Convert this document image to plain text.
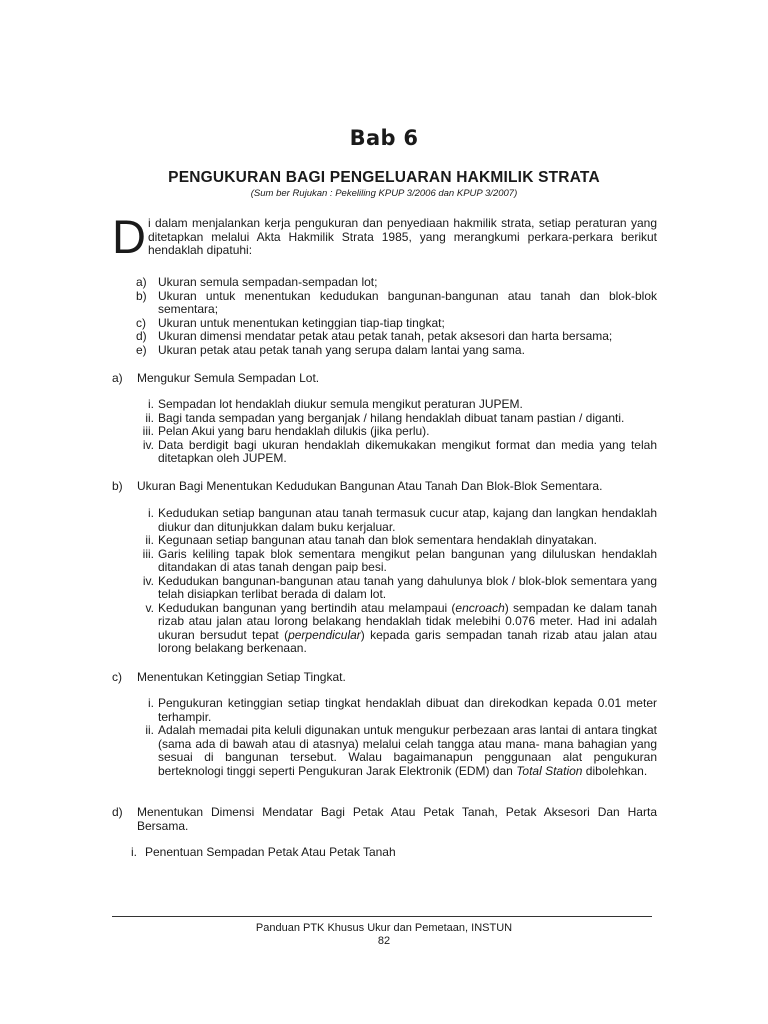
Bab 6
PENGUKURAN BAGI PENGELUARAN HAKMILIK STRATA
(Sum ber Rujukan : Pekeliling KPUP 3/2006 dan KPUP 3/2007)
D i dalam menjalankan kerja pengukuran dan penyediaan hakmilik strata, setiap peraturan yang ditetapkan melalui Akta Hakmilik Strata 1985, yang merangkumi perkara-perkara berikut hendaklah dipatuhi:
a) Ukuran semula sempadan-sempadan lot;
b) Ukuran untuk menentukan kedudukan bangunan-bangunan atau tanah dan blok-blok sementara;
c) Ukuran untuk menentukan ketinggian tiap-tiap tingkat;
d) Ukuran dimensi mendatar petak atau petak tanah, petak aksesori dan harta bersama;
e) Ukuran petak atau petak tanah yang serupa dalam lantai yang sama.
a) Mengukur Semula Sempadan Lot.
i. Sempadan lot hendaklah diukur semula mengikut peraturan JUPEM.
ii. Bagi tanda sempadan yang berganjak / hilang hendaklah dibuat tanam pastian / diganti.
iii. Pelan Akui yang baru hendaklah dilukis (jika perlu).
iv. Data berdigit bagi ukuran hendaklah dikemukakan mengikut format dan media yang telah ditetapkan oleh JUPEM.
b) Ukuran Bagi Menentukan Kedudukan Bangunan Atau Tanah Dan Blok-Blok Sementara.
i. Kedudukan setiap bangunan atau tanah termasuk cucur atap, kajang dan langkan hendaklah diukur dan ditunjukkan dalam buku kerjaluar.
ii. Kegunaan setiap bangunan atau tanah dan blok sementara hendaklah dinyatakan.
iii. Garis keliling tapak blok sementara mengikut pelan bangunan yang diluluskan hendaklah ditandakan di atas tanah dengan paip besi.
iv. Kedudukan bangunan-bangunan atau tanah yang dahulunya blok / blok-blok sementara yang telah disiapkan terlibat berada di dalam lot.
v. Kedudukan bangunan yang bertindih atau melampaui (encroach) sempadan ke dalam tanah rizab atau jalan atau lorong belakang hendaklah tidak melebihi 0.076 meter. Had ini adalah ukuran bersudut tepat (perpendicular) kepada garis sempadan tanah rizab atau jalan atau lorong belakang berkenaan.
c) Menentukan Ketinggian Setiap Tingkat.
i. Pengukuran ketinggian setiap tingkat hendaklah dibuat dan direkodkan kepada 0.01 meter terhampir.
ii. Adalah memadai pita keluli digunakan untuk mengukur perbezaan aras lantai di antara tingkat (sama ada di bawah atau di atasnya) melalui celah tangga atau mana- mana bahagian yang sesuai di bangunan tersebut. Walau bagaimanapun penggunaan alat pengukuran berteknologi tinggi seperti Pengukuran Jarak Elektronik (EDM) dan Total Station dibolehkan.
d) Menentukan Dimensi Mendatar Bagi Petak Atau Petak Tanah, Petak Aksesori Dan Harta Bersama.
i. Penentuan Sempadan Petak Atau Petak Tanah
Panduan PTK Khusus Ukur dan Pemetaan, INSTUN
82
